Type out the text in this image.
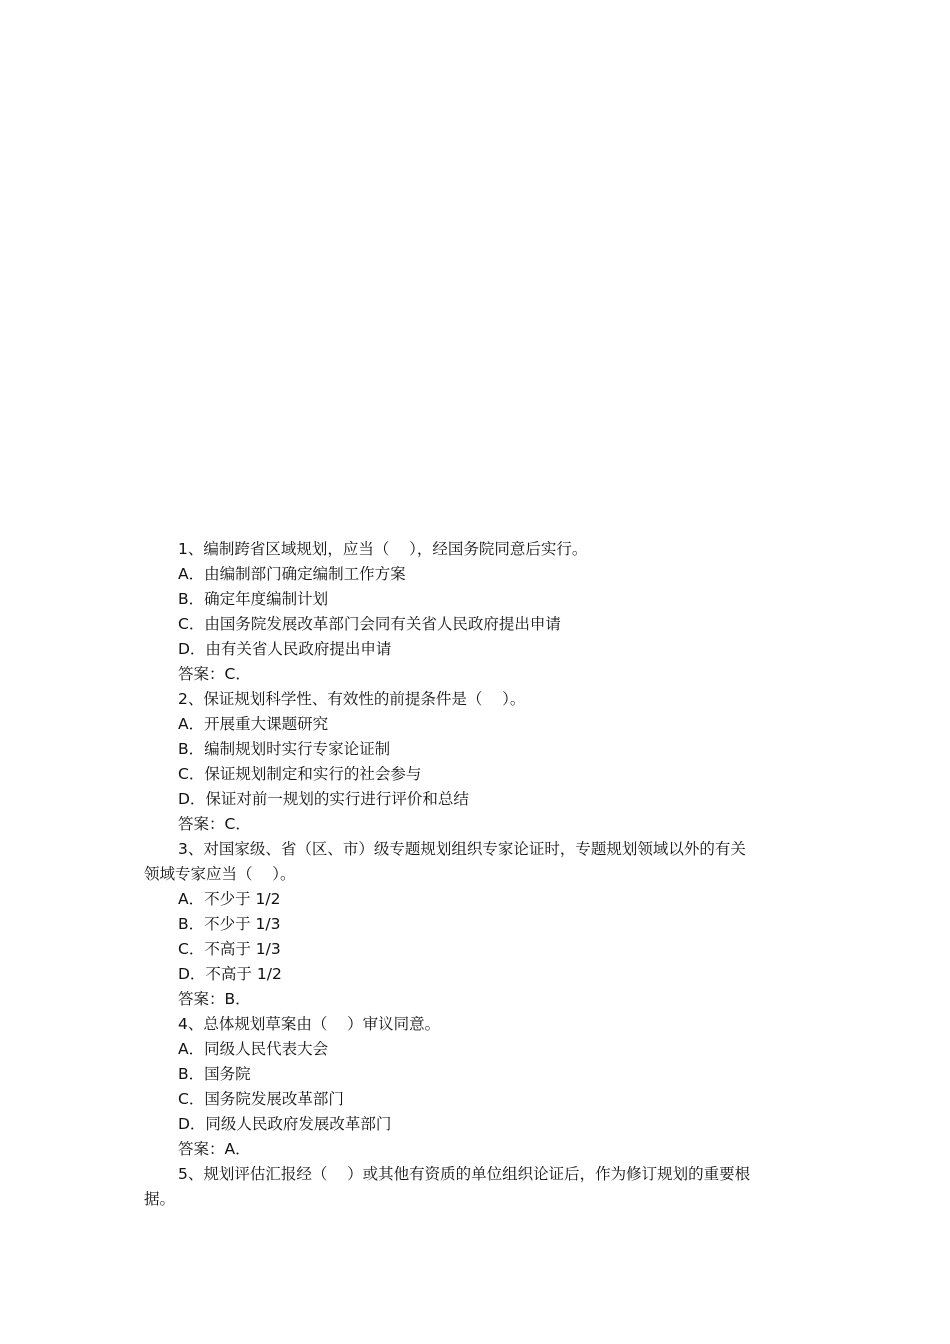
1、编制跨省区域规划，应当（    ），经国务院同意后实行。
A．由编制部门确定编制工作方案
B．确定年度编制计划
C．由国务院发展改革部门会同有关省人民政府提出申请
D．由有关省人民政府提出申请
答案：C．
2、保证规划科学性、有效性的前提条件是（    ）。
A．开展重大课题研究
B．编制规划时实行专家论证制
C．保证规划制定和实行的社会参与
D．保证对前一规划的实行进行评价和总结
答案：C．
3、对国家级、省（区、市）级专题规划组织专家论证时，专题规划领域以外的有关
领域专家应当（    ）。
A．不少于 1/2
B．不少于 1/3
C．不高于 1/3
D．不高于 1/2
答案：B．
4、总体规划草案由（    ）审议同意。
A．同级人民代表大会
B．国务院
C．国务院发展改革部门
D．同级人民政府发展改革部门
答案：A．
5、规划评估汇报经（    ）或其他有资质的单位组织论证后，作为修订规划的重要根
据。
